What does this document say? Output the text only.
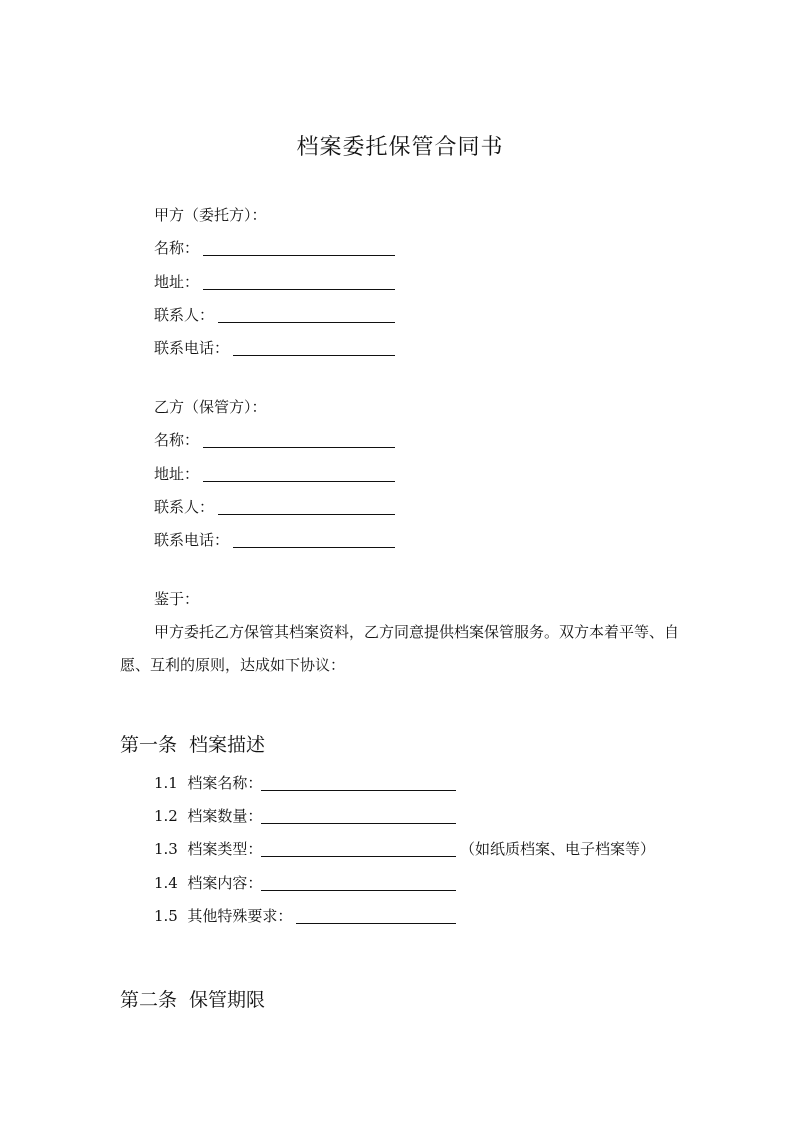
档案委托保管合同书
甲方（委托方）：
名称：
地址：
联系人：
联系电话：
乙方（保管方）：
名称：
地址：
联系人：
联系电话：
鉴于：
甲方委托乙方保管其档案资料，乙方同意提供档案保管服务。双方本着平等、自愿、互利的原则，达成如下协议：
第一条 档案描述
1.1 档案名称：
1.2 档案数量：
1.3 档案类型：	（如纸质档案、电子档案等）
1.4 档案内容：
1.5 其他特殊要求：
第二条 保管期限
